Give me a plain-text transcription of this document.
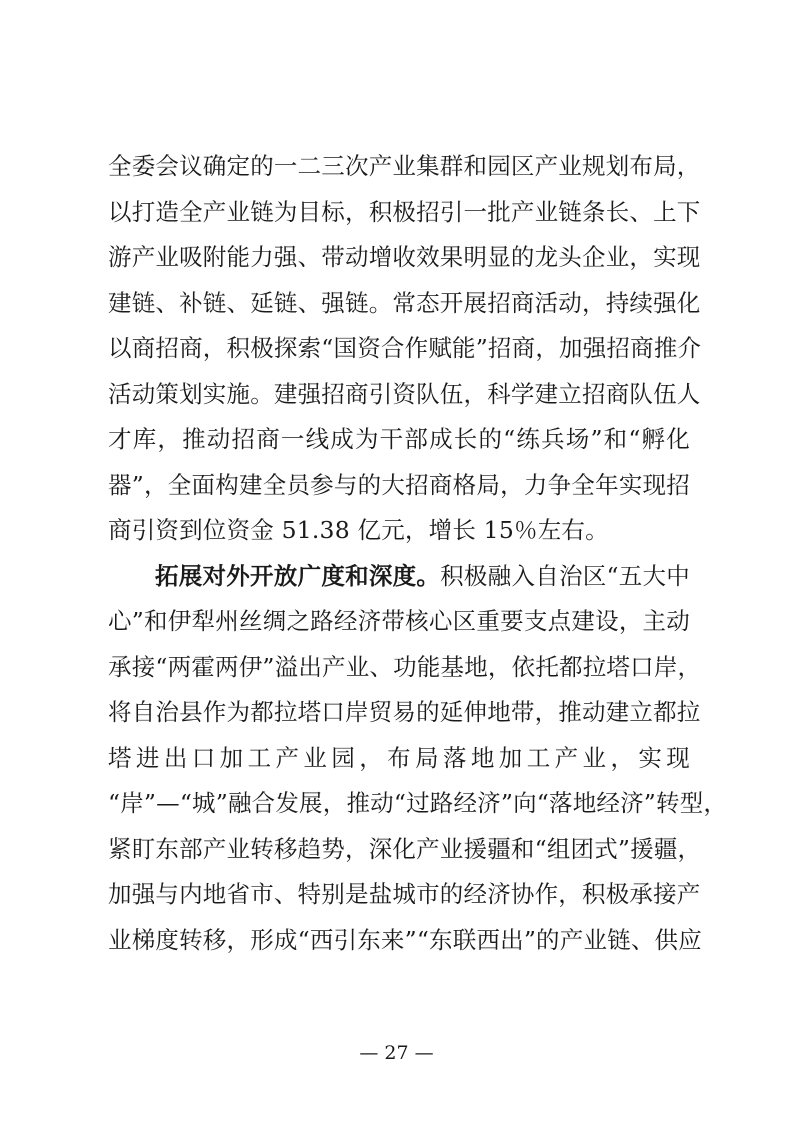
全委会议确定的一二三次产业集群和园区产业规划布局，
以打造全产业链为目标，积极招引一批产业链条长、上下
游产业吸附能力强、带动增收效果明显的龙头企业，实现
建链、补链、延链、强链。常态开展招商活动，持续强化
以商招商，积极探索“国资合作赋能”招商，加强招商推介
活动策划实施。建强招商引资队伍，科学建立招商队伍人
才库，推动招商一线成为干部成长的“练兵场”和“孵化
器”，全面构建全员参与的大招商格局，力争全年实现招
商引资到位资金 51.38 亿元，增长 15％左右。
拓展对外开放广度和深度。积极融入自治区“五大中
心”和伊犁州丝绸之路经济带核心区重要支点建设，主动
承接“两霍两伊”溢出产业、功能基地，依托都拉塔口岸，
将自治县作为都拉塔口岸贸易的延伸地带，推动建立都拉
塔进出口加工产业园，布局落地加工产业，实现
“岸”—“城”融合发展，推动“过路经济”向“落地经济”转型，
紧盯东部产业转移趋势，深化产业援疆和“组团式”援疆，
加强与内地省市、特别是盐城市的经济协作，积极承接产
业梯度转移，形成“西引东来”“东联西出”的产业链、供应
— 27 —
